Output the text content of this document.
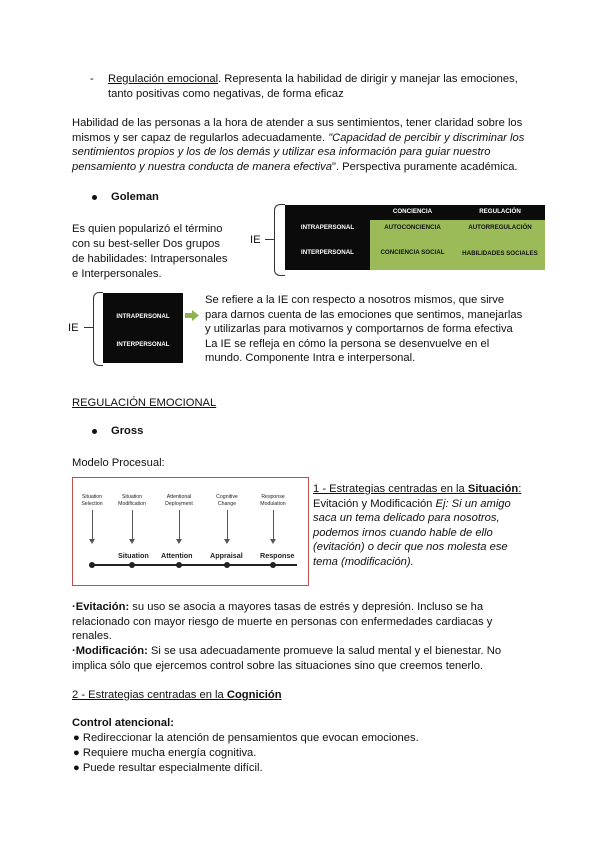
- Regulación emocional. Representa la habilidad de dirigir y manejar las emociones,
tanto positivas como negativas, de forma eficaz
Habilidad de las personas a la hora de atender a sus sentimientos, tener claridad sobre los
mismos y ser capaz de regularlos adecuadamente. "Capacidad de percibir y discriminar los
sentimientos propios y los de los demás y utilizar esa información para guiar nuestro
pensamiento y nuestra conducta de manera efectiva". Perspectiva puramente académica.
Goleman
Es quien popularizó el término
con su best-seller Dos grupos
de habilidades: Intrapersonales
e Interpersonales.
IE
	CONCIENCIA	REGULACIÓN
INTRAPERSONAL	AUTOCONCIENCIA	AUTORREGULACIÓN
INTERPERSONAL	CONCIENCIA SOCIAL	HABILIDADES SOCIALES
IE
INTRAPERSONAL
INTERPERSONAL
Se refiere a la IE con respecto a nosotros mismos, que sirve
para darnos cuenta de las emociones que sentimos, manejarlas
y utilizarlas para motivarnos y comportarnos de forma efectiva
La IE se refleja en cómo la persona se desenvuelve en el
mundo. Componente Intra e interpersonal.
REGULACIÓN EMOCIONAL
Gross
Modelo Procesual:
Situation
Selection
Situation
Modification
Attentional
Deployment
Cognitive
Change
Response
Modulation
Situation Attention Appraisal Response
1 - Estrategias centradas en la Situación:
Evitación y Modificación Ej: Si un amigo
saca un tema delicado para nosotros,
podemos irnos cuando hable de ello
(evitación) o decir que nos molesta ese
tema (modificación).
·Evitación: su uso se asocia a mayores tasas de estrés y depresión. Incluso se ha
relacionado con mayor riesgo de muerte en personas con enfermedades cardiacas y
renales.
·Modificación: Si se usa adecuadamente promueve la salud mental y el bienestar. No
implica sólo que ejercemos control sobre las situaciones sino que creemos tenerlo.
2 - Estrategias centradas en la Cognición
Control atencional:
● Redireccionar la atención de pensamientos que evocan emociones.
● Requiere mucha energía cognitiva.
● Puede resultar especialmente difícil.
